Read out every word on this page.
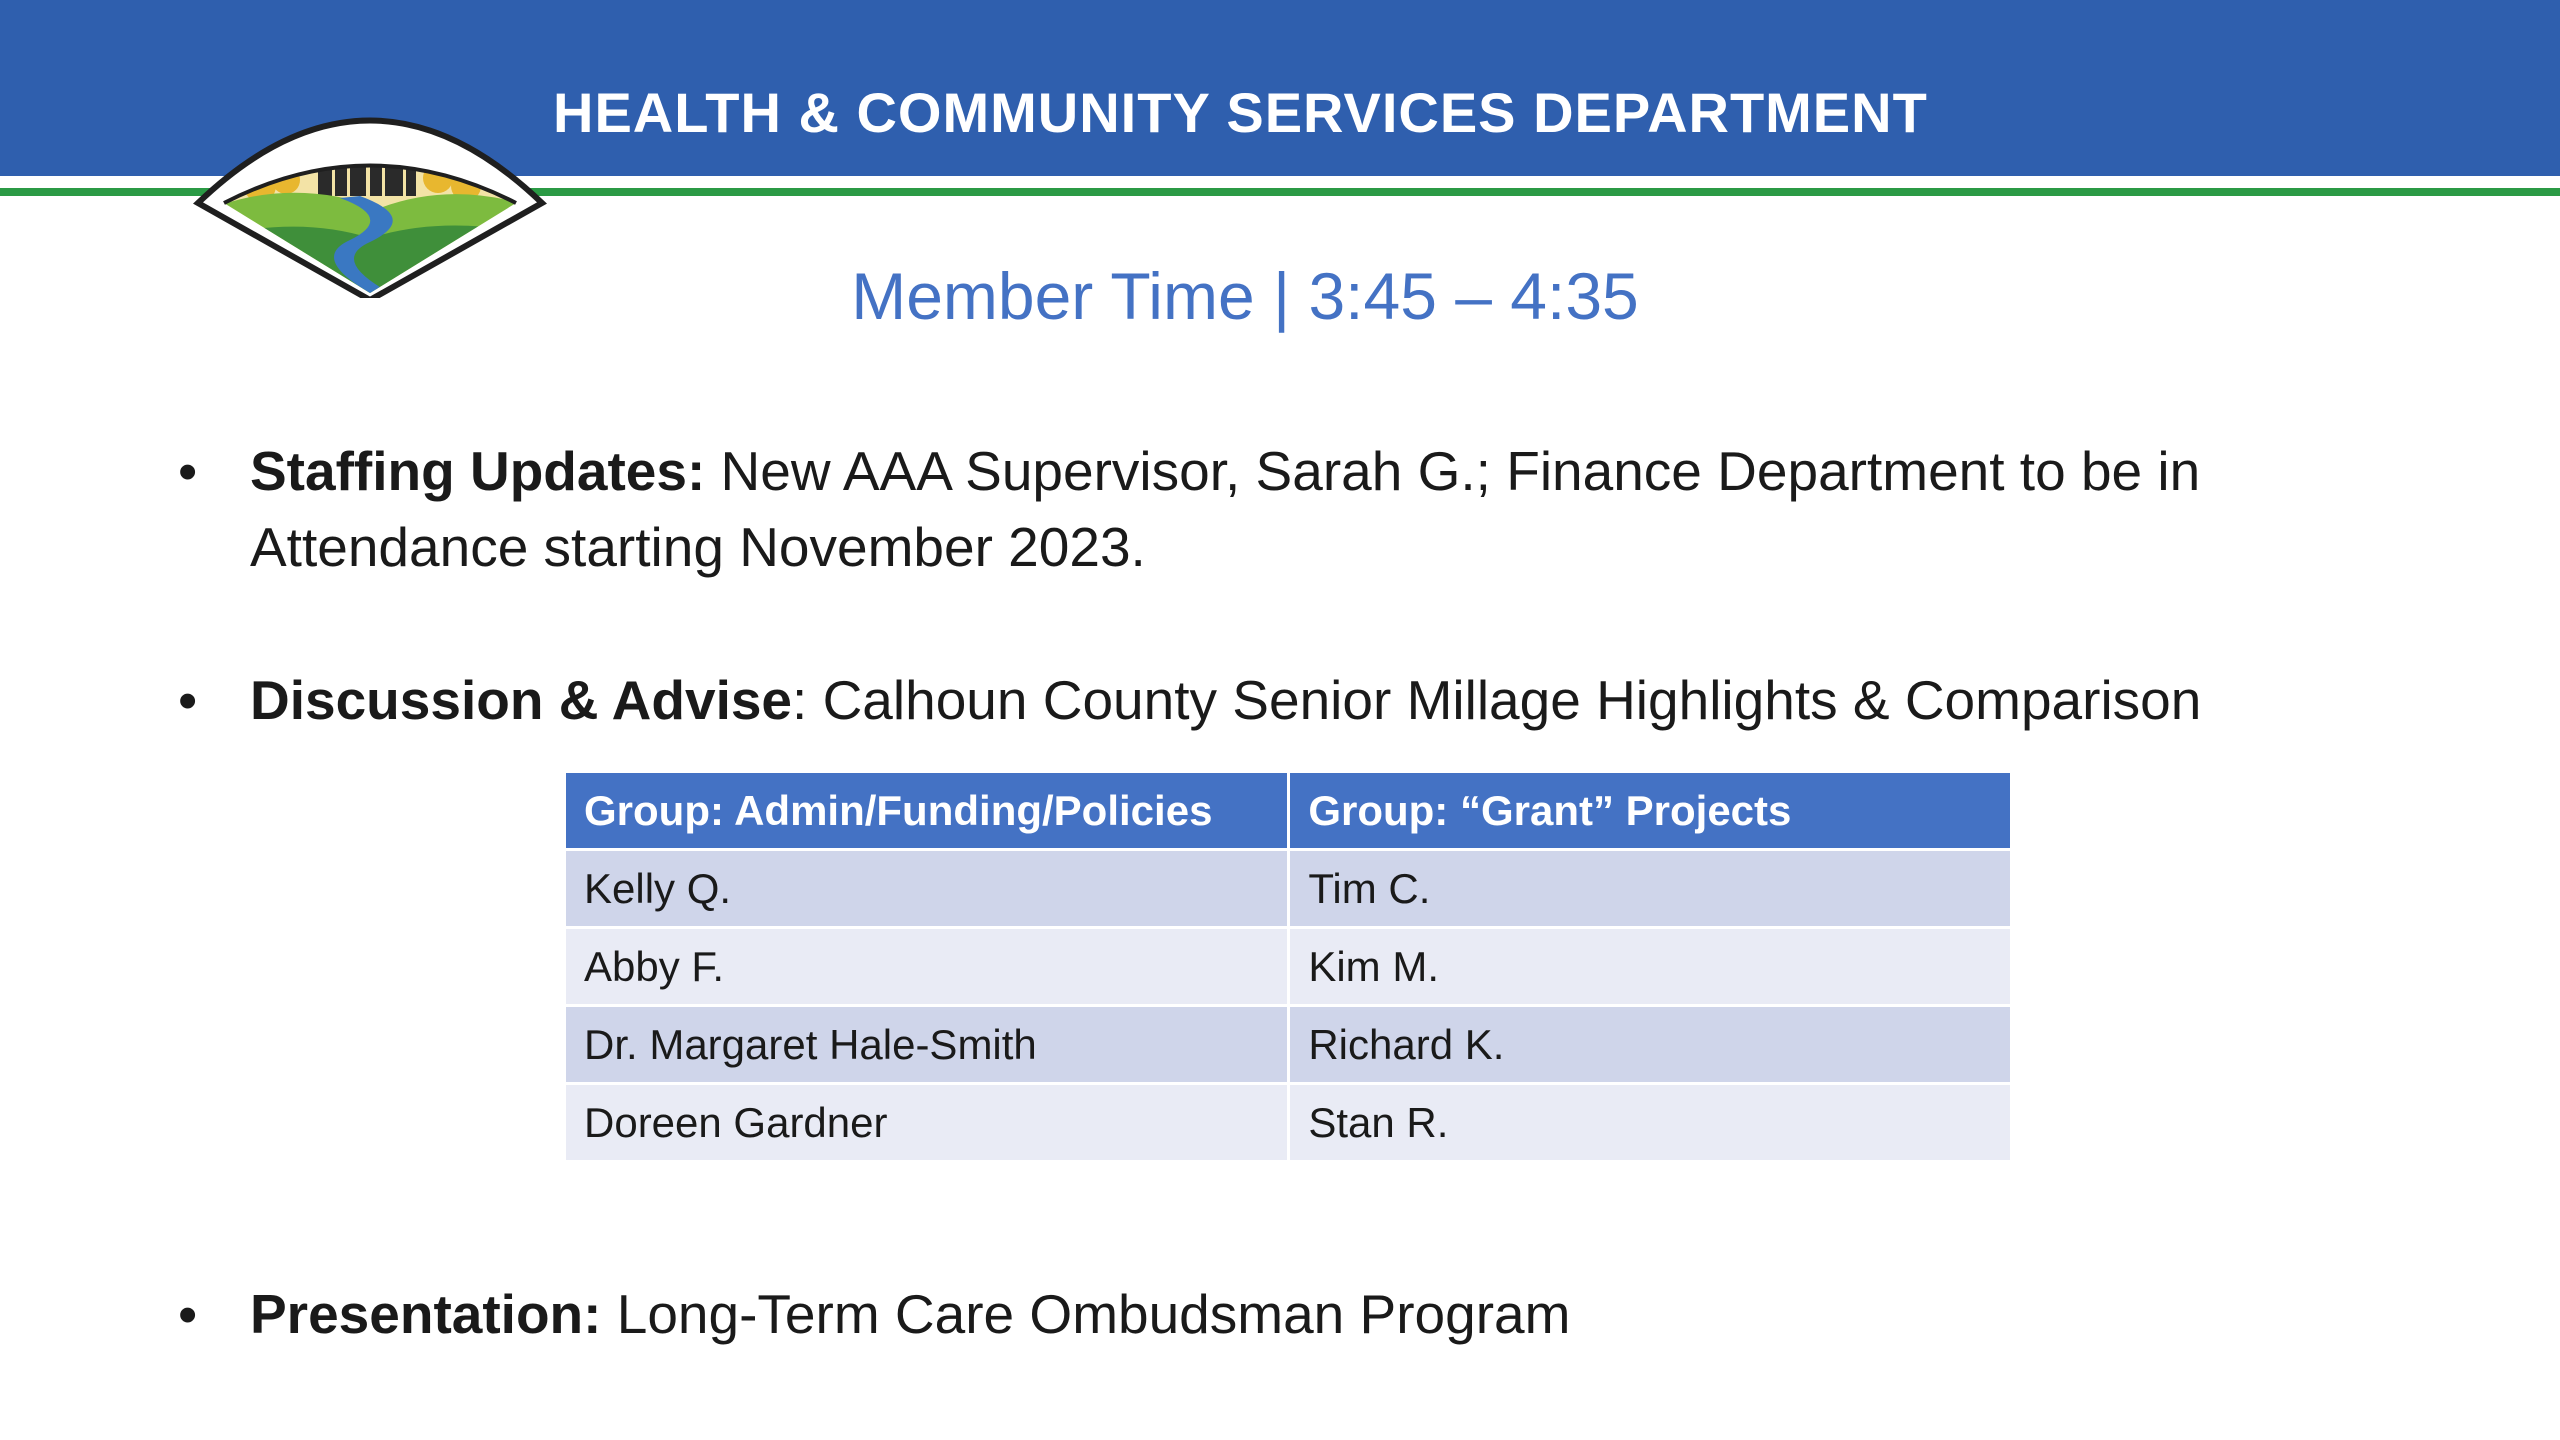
HEALTH & COMMUNITY SERVICES DEPARTMENT
Member Time | 3:45 – 4:35
• Staffing Updates: New AAA Supervisor, Sarah G.; Finance Department to be in Attendance starting November 2023.
• Discussion & Advise: Calhoun County Senior Millage Highlights & Comparison
Group: Admin/Funding/Policies	Group: “Grant” Projects
Kelly Q.	Tim C.
Abby F.	Kim M.
Dr. Margaret Hale-Smith	Richard K.
Doreen Gardner	Stan R.
• Presentation: Long-Term Care Ombudsman Program
